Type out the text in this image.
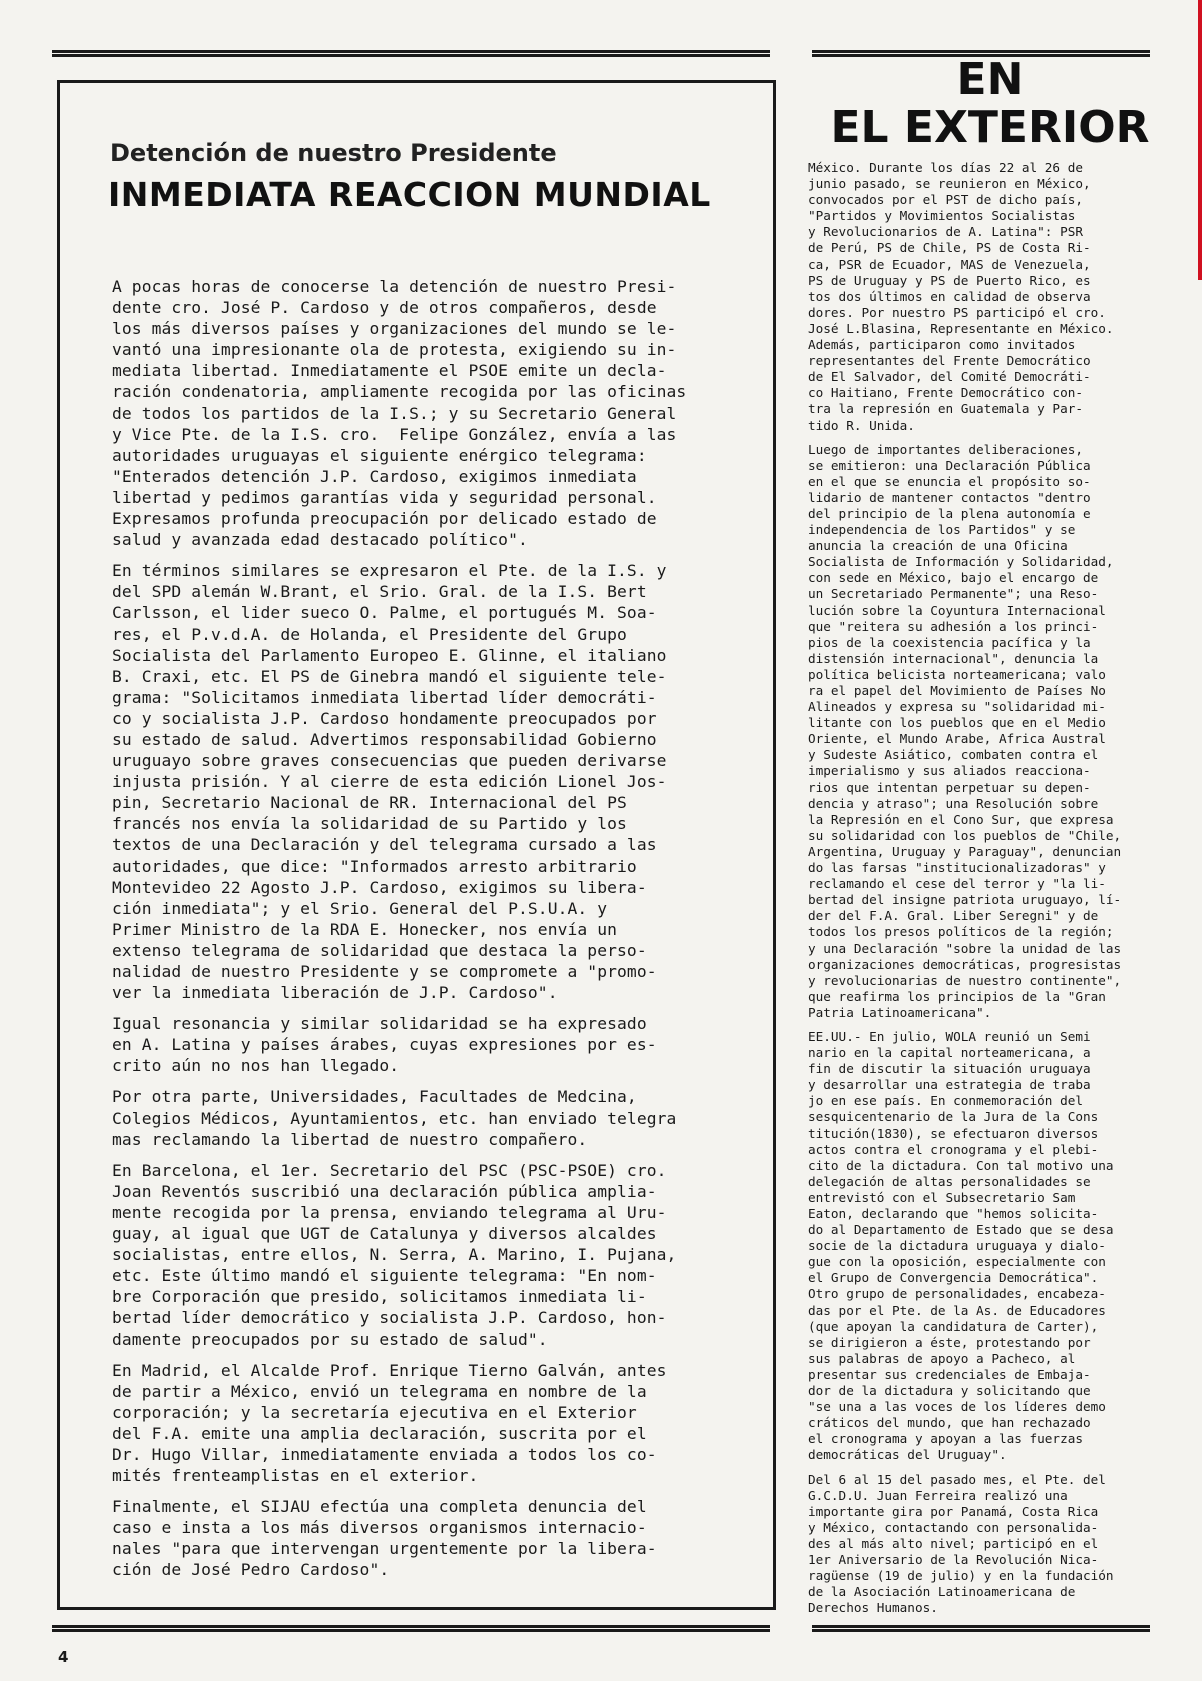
Detención de nuestro Presidente
INMEDIATA REACCION MUNDIAL

A pocas horas de conocerse la detención de nuestro Presi-
dente cro. José P. Cardoso y de otros compañeros, desde
los más diversos países y organizaciones del mundo se le-
vantó una impresionante ola de protesta, exigiendo su in-
mediata libertad. Inmediatamente el PSOE emite un decla-
ración condenatoria, ampliamente recogida por las oficinas
de todos los partidos de la I.S.; y su Secretario General
y Vice Pte. de la I.S. cro.  Felipe González, envía a las
autoridades uruguayas el siguiente enérgico telegrama:
"Enterados detención J.P. Cardoso, exigimos inmediata
libertad y pedimos garantías vida y seguridad personal.
Expresamos profunda preocupación por delicado estado de
salud y avanzada edad destacado político".

En términos similares se expresaron el Pte. de la I.S. y
del SPD alemán W.Brant, el Srio. Gral. de la I.S. Bert
Carlsson, el lider sueco O. Palme, el portugués M. Soa-
res, el P.v.d.A. de Holanda, el Presidente del Grupo
Socialista del Parlamento Europeo E. Glinne, el italiano
B. Craxi, etc. El PS de Ginebra mandó el siguiente tele-
grama: "Solicitamos inmediata libertad líder democráti-
co y socialista J.P. Cardoso hondamente preocupados por
su estado de salud. Advertimos responsabilidad Gobierno
uruguayo sobre graves consecuencias que pueden derivarse
injusta prisión. Y al cierre de esta edición Lionel Jos-
pin, Secretario Nacional de RR. Internacional del PS
francés nos envía la solidaridad de su Partido y los
textos de una Declaración y del telegrama cursado a las
autoridades, que dice: "Informados arresto arbitrario
Montevideo 22 Agosto J.P. Cardoso, exigimos su libera-
ción inmediata"; y el Srio. General del P.S.U.A. y
Primer Ministro de la RDA E. Honecker, nos envía un
extenso telegrama de solidaridad que destaca la perso-
nalidad de nuestro Presidente y se compromete a "promo-
ver la inmediata liberación de J.P. Cardoso".

Igual resonancia y similar solidaridad se ha expresado
en A. Latina y países árabes, cuyas expresiones por es-
crito aún no nos han llegado.

Por otra parte, Universidades, Facultades de Medcina,
Colegios Médicos, Ayuntamientos, etc. han enviado telegra
mas reclamando la libertad de nuestro compañero.

En Barcelona, el 1er. Secretario del PSC (PSC-PSOE) cro.
Joan Reventós suscribió una declaración pública amplia-
mente recogida por la prensa, enviando telegrama al Uru-
guay, al igual que UGT de Catalunya y diversos alcaldes
socialistas, entre ellos, N. Serra, A. Marino, I. Pujana,
etc. Este último mandó el siguiente telegrama: "En nom-
bre Corporación que presido, solicitamos inmediata li-
bertad líder democrático y socialista J.P. Cardoso, hon-
damente preocupados por su estado de salud".

En Madrid, el Alcalde Prof. Enrique Tierno Galván, antes
de partir a México, envió un telegrama en nombre de la
corporación; y la secretaría ejecutiva en el Exterior
del F.A. emite una amplia declaración, suscrita por el
Dr. Hugo Villar, inmediatamente enviada a todos los co-
mités frenteamplistas en el exterior.

Finalmente, el SIJAU efectúa una completa denuncia del
caso e insta a los más diversos organismos internacio-
nales "para que intervengan urgentemente por la libera-
ción de José Pedro Cardoso".

EN
EL EXTERIOR

México. Durante los días 22 al 26 de
junio pasado, se reunieron en México,
convocados por el PST de dicho país,
"Partidos y Movimientos Socialistas
y Revolucionarios de A. Latina": PSR
de Perú, PS de Chile, PS de Costa Ri-
ca, PSR de Ecuador, MAS de Venezuela,
PS de Uruguay y PS de Puerto Rico, es
tos dos últimos en calidad de observa
dores. Por nuestro PS participó el cro.
José L.Blasina, Representante en México.
Además, participaron como invitados
representantes del Frente Democrático
de El Salvador, del Comité Democráti-
co Haitiano, Frente Democrático con-
tra la represión en Guatemala y Par-
tido R. Unida.

Luego de importantes deliberaciones,
se emitieron: una Declaración Pública
en el que se enuncia el propósito so-
lidario de mantener contactos "dentro
del principio de la plena autonomía e
independencia de los Partidos" y se
anuncia la creación de una Oficina
Socialista de Información y Solidaridad,
con sede en México, bajo el encargo de
un Secretariado Permanente"; una Reso-
lución sobre la Coyuntura Internacional
que "reitera su adhesión a los princi-
pios de la coexistencia pacífica y la
distensión internacional", denuncia la
política belicista norteamericana; valo
ra el papel del Movimiento de Países No
Alineados y expresa su "solidaridad mi-
litante con los pueblos que en el Medio
Oriente, el Mundo Arabe, Africa Austral
y Sudeste Asiático, combaten contra el
imperialismo y sus aliados reacciona-
rios que intentan perpetuar su depen-
dencia y atraso"; una Resolución sobre
la Represión en el Cono Sur, que expresa
su solidaridad con los pueblos de "Chile,
Argentina, Uruguay y Paraguay", denuncian
do las farsas "institucionalizadoras" y
reclamando el cese del terror y "la li-
bertad del insigne patriota uruguayo, lí-
der del F.A. Gral. Liber Seregni" y de
todos los presos políticos de la región;
y una Declaración "sobre la unidad de las
organizaciones democráticas, progresistas
y revolucionarias de nuestro continente",
que reafirma los principios de la "Gran
Patria Latinoamericana".

EE.UU.- En julio, WOLA reunió un Semi
nario en la capital norteamericana, a
fin de discutir la situación uruguaya
y desarrollar una estrategia de traba
jo en ese país. En conmemoración del
sesquicentenario de la Jura de la Cons
titución(1830), se efectuaron diversos
actos contra el cronograma y el plebi-
cito de la dictadura. Con tal motivo una
delegación de altas personalidades se
entrevistó con el Subsecretario Sam
Eaton, declarando que "hemos solicita-
do al Departamento de Estado que se desa
socie de la dictadura uruguaya y dialo-
gue con la oposición, especialmente con
el Grupo de Convergencia Democrática".
Otro grupo de personalidades, encabeza-
das por el Pte. de la As. de Educadores
(que apoyan la candidatura de Carter),
se dirigieron a éste, protestando por
sus palabras de apoyo a Pacheco, al
presentar sus credenciales de Embaja-
dor de la dictadura y solicitando que
"se una a las voces de los líderes demo
cráticos del mundo, que han rechazado
el cronograma y apoyan a las fuerzas
democráticas del Uruguay".

Del 6 al 15 del pasado mes, el Pte. del
G.C.D.U. Juan Ferreira realizó una
importante gira por Panamá, Costa Rica
y México, contactando con personalida-
des al más alto nivel; participó en el
1er Aniversario de la Revolución Nica-
ragüense (19 de julio) y en la fundación
de la Asociación Latinoamericana de
Derechos Humanos.

4
